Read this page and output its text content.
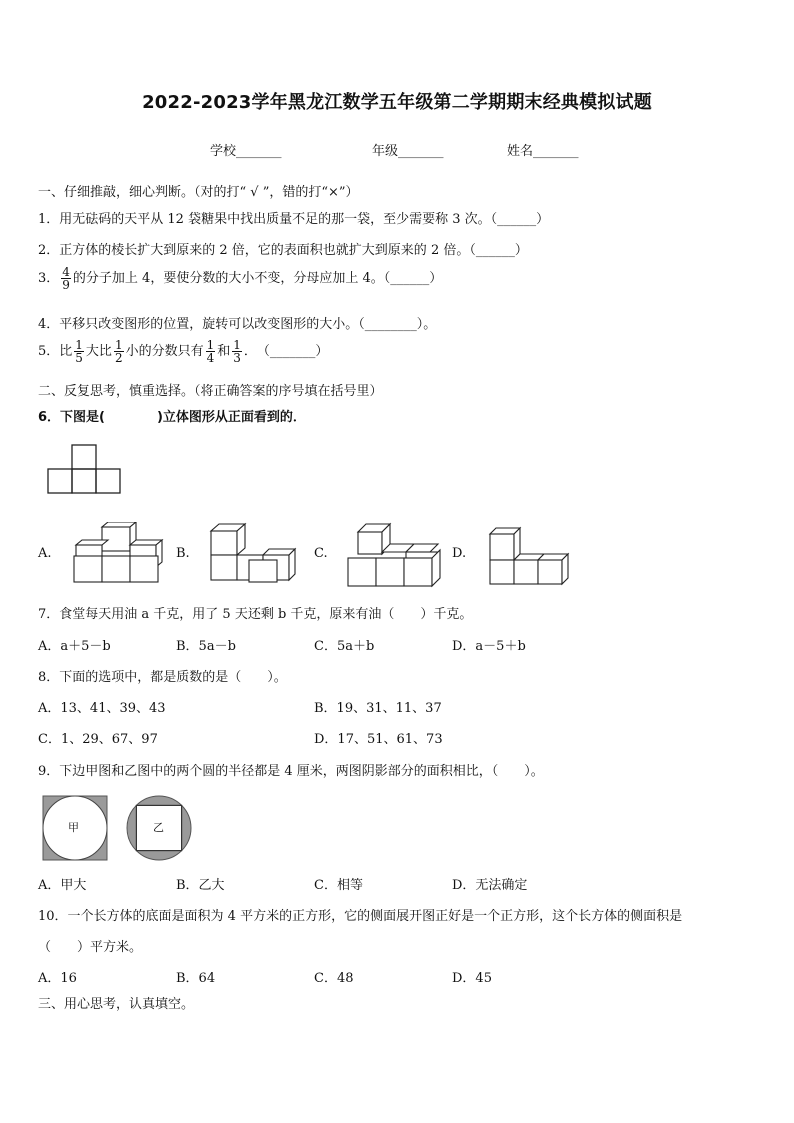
2022-2023学年黑龙江数学五年级第二学期期末经典模拟试题
学校_______	年级_______	姓名_______
一、仔细推敲，细心判断。（对的打“ √ ”，错的打“×”）
1．用无砝码的天平从 12 袋糖果中找出质量不足的那一袋，至少需要称 3 次。（______）
2．正方体的棱长扩大到原来的 2 倍，它的表面积也就扩大到原来的 2 倍。（______）
3． $\frac{4}{9}$ 的分子加上 4，要使分数的大小不变，分母应加上 4。（______）
4．平移只改变图形的位置，旋转可以改变图形的大小。（________）。
5．比 $\frac{1}{5}$ 大比 $\frac{1}{2}$ 小的分数只有 $\frac{1}{4}$ 和 $\frac{1}{3}$ ．　（_______）
二、反复思考，慎重选择。（将正确答案的序号填在括号里）
6．下图是(　　　　)立体图形从正面看到的．
A.	B.	C.	D.
7．食堂每天用油 a 千克，用了 5 天还剩 b 千克，原来有油（　　）千克。
A．a＋5－b	B．5a－b	C．5a＋b	D．a－5＋b
8．下面的选项中，都是质数的是（　　）。
A．13、41、39、43	B．19、31、11、37
C．1、29、67、97	D．17、51、61、73
9．下边甲图和乙图中的两个圆的半径都是 4 厘米，两图阴影部分的面积相比，（　　）。
甲	乙
A．甲大	B．乙大	C．相等	D．无法确定
10．一个长方体的底面是面积为 4 平方米的正方形，它的侧面展开图正好是一个正方形，这个长方体的侧面积是
（　　）平方米。
A．16	B．64	C．48	D．45
三、用心思考，认真填空。
